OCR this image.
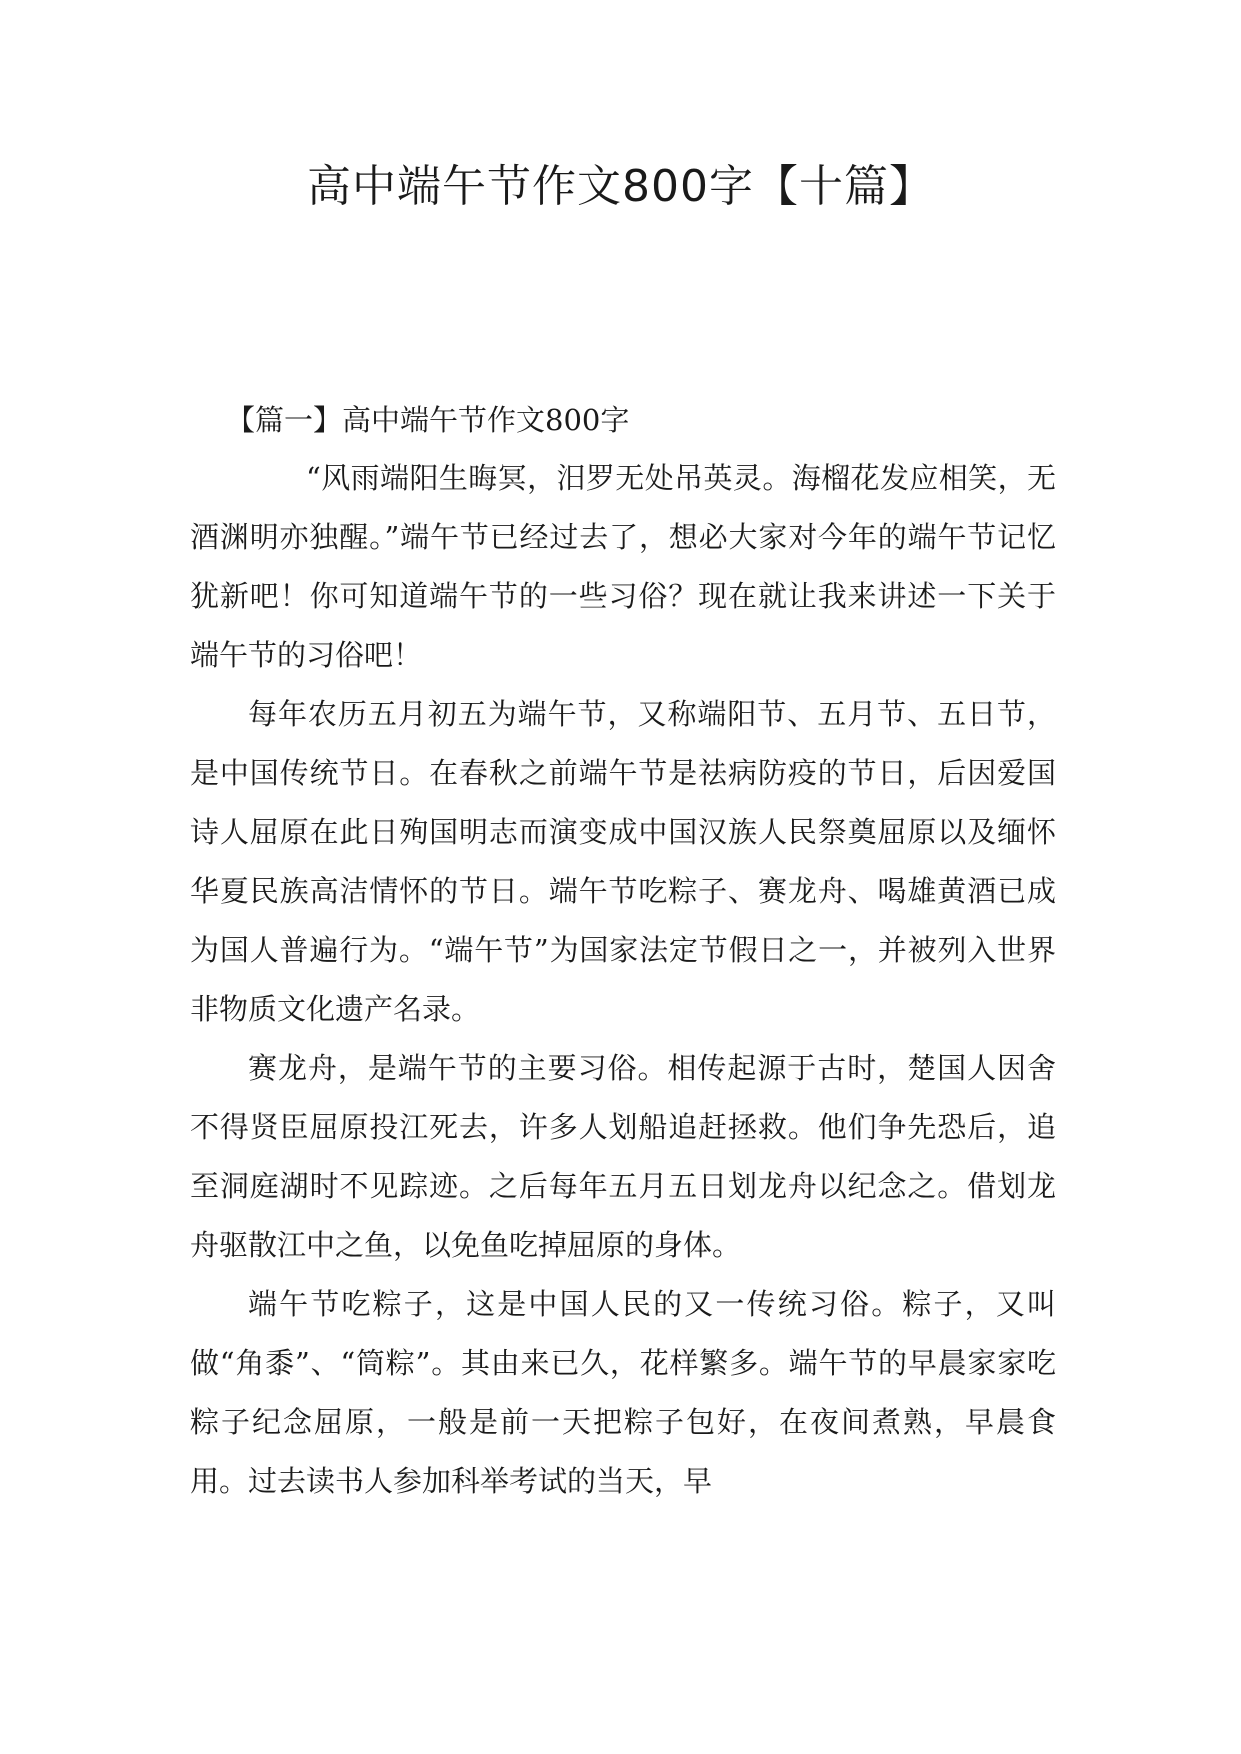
高中端午节作文800字【十篇】
【篇一】高中端午节作文800字

“风雨端阳生晦冥，汨罗无处吊英灵。海榴花发应相笑，无酒渊明亦独醒。”端午节已经过去了，想必大家对今年的端午节记忆犹新吧！你可知道端午节的一些习俗？现在就让我来讲述一下关于端午节的习俗吧！

每年农历五月初五为端午节，又称端阳节、五月节、五日节，是中国传统节日。在春秋之前端午节是祛病防疫的节日，后因爱国诗人屈原在此日殉国明志而演变成中国汉族人民祭奠屈原以及缅怀华夏民族高洁情怀的节日。端午节吃粽子、赛龙舟、喝雄黄酒已成为国人普遍行为。“端午节”为国家法定节假日之一，并被列入世界非物质文化遗产名录。

赛龙舟，是端午节的主要习俗。相传起源于古时，楚国人因舍不得贤臣屈原投江死去，许多人划船追赶拯救。他们争先恐后，追至洞庭湖时不见踪迹。之后每年五月五日划龙舟以纪念之。借划龙舟驱散江中之鱼，以免鱼吃掉屈原的身体。

端午节吃粽子，这是中国人民的又一传统习俗。粽子，又叫做“角黍”、“筒粽”。其由来已久，花样繁多。端午节的早晨家家吃粽子纪念屈原，一般是前一天把粽子包好，在夜间煮熟，早晨食用。过去读书人参加科举考试的当天，早
